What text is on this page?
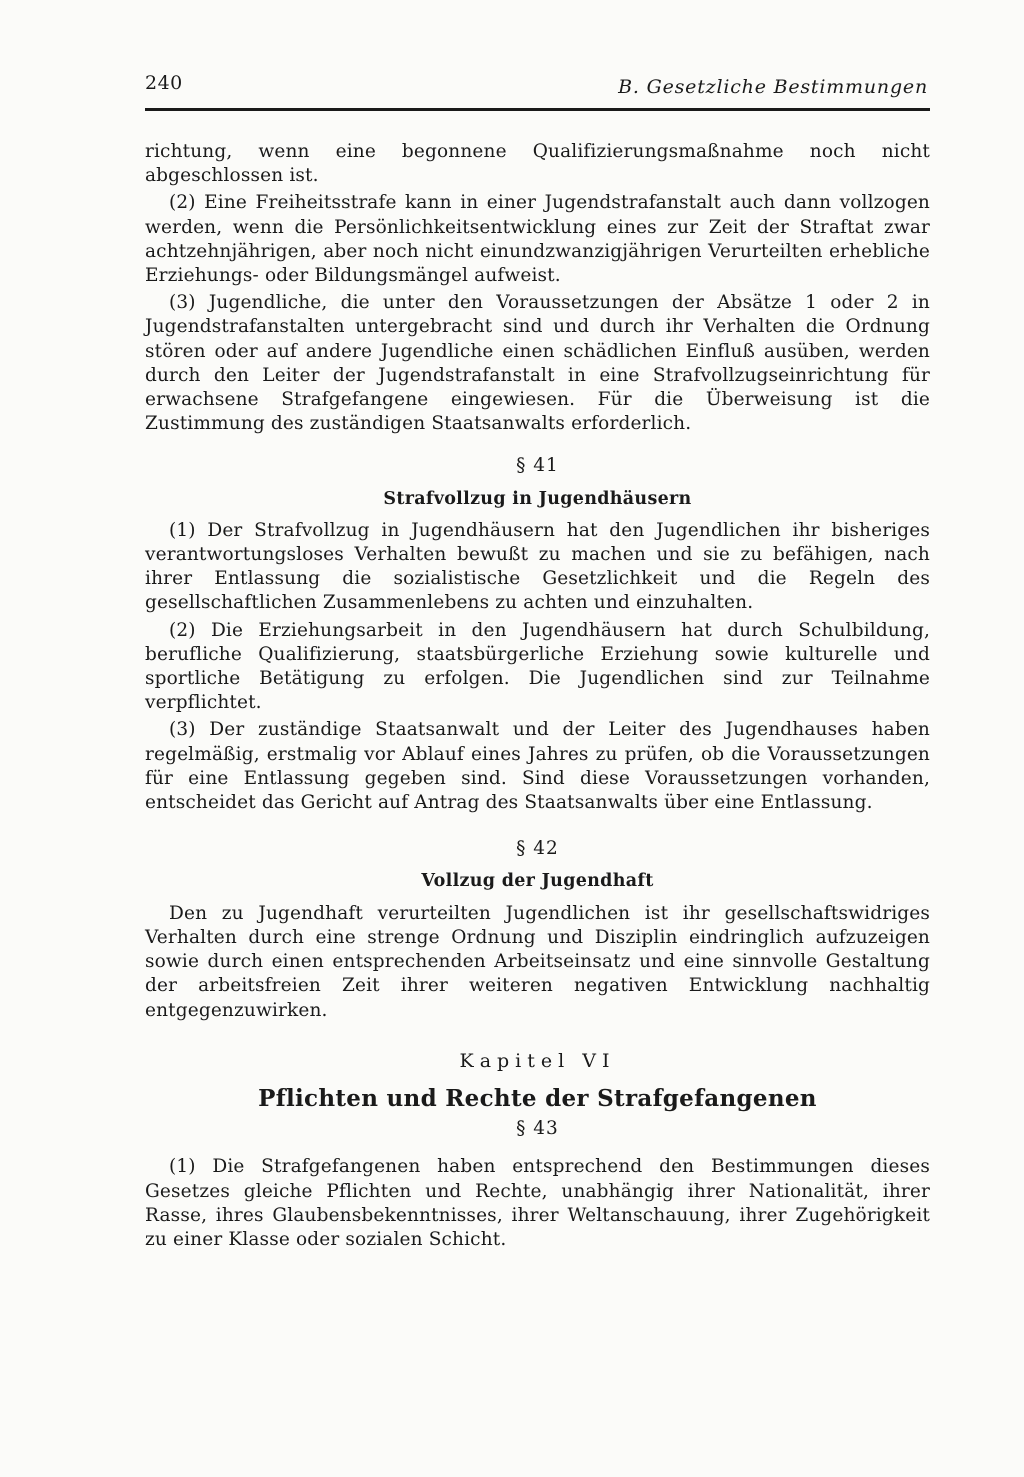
240	B. Gesetzliche Bestimmungen

richtung, wenn eine begonnene Qualifizierungsmaßnahme noch nicht abgeschlossen ist.

(2) Eine Freiheitsstrafe kann in einer Jugendstrafanstalt auch dann vollzogen werden, wenn die Persönlichkeitsentwicklung eines zur Zeit der Straftat zwar achtzehnjährigen, aber noch nicht einundzwanzigjährigen Verurteilten erhebliche Erziehungs- oder Bildungsmängel aufweist.

(3) Jugendliche, die unter den Voraussetzungen der Absätze 1 oder 2 in Jugendstrafanstalten untergebracht sind und durch ihr Verhalten die Ordnung stören oder auf andere Jugendliche einen schädlichen Einfluß ausüben, werden durch den Leiter der Jugendstrafanstalt in eine Strafvollzugseinrichtung für erwachsene Strafgefangene eingewiesen. Für die Überweisung ist die Zustimmung des zuständigen Staatsanwalts erforderlich.

§ 41
Strafvollzug in Jugendhäusern

(1) Der Strafvollzug in Jugendhäusern hat den Jugendlichen ihr bisheriges verantwortungsloses Verhalten bewußt zu machen und sie zu befähigen, nach ihrer Entlassung die sozialistische Gesetzlichkeit und die Regeln des gesellschaftlichen Zusammenlebens zu achten und einzuhalten.

(2) Die Erziehungsarbeit in den Jugendhäusern hat durch Schulbildung, berufliche Qualifizierung, staatsbürgerliche Erziehung sowie kulturelle und sportliche Betätigung zu erfolgen. Die Jugendlichen sind zur Teilnahme verpflichtet.

(3) Der zuständige Staatsanwalt und der Leiter des Jugendhauses haben regelmäßig, erstmalig vor Ablauf eines Jahres zu prüfen, ob die Voraussetzungen für eine Entlassung gegeben sind. Sind diese Voraussetzungen vorhanden, entscheidet das Gericht auf Antrag des Staatsanwalts über eine Entlassung.

§ 42
Vollzug der Jugendhaft

Den zu Jugendhaft verurteilten Jugendlichen ist ihr gesellschaftswidriges Verhalten durch eine strenge Ordnung und Disziplin eindringlich aufzuzeigen sowie durch einen entsprechenden Arbeitseinsatz und eine sinnvolle Gestaltung der arbeitsfreien Zeit ihrer weiteren negativen Entwicklung nachhaltig entgegenzuwirken.

Kapitel VI
Pflichten und Rechte der Strafgefangenen
§ 43

(1) Die Strafgefangenen haben entsprechend den Bestimmungen dieses Gesetzes gleiche Pflichten und Rechte, unabhängig ihrer Nationalität, ihrer Rasse, ihres Glaubensbekenntnisses, ihrer Weltanschauung, ihrer Zugehörigkeit zu einer Klasse oder sozialen Schicht.
